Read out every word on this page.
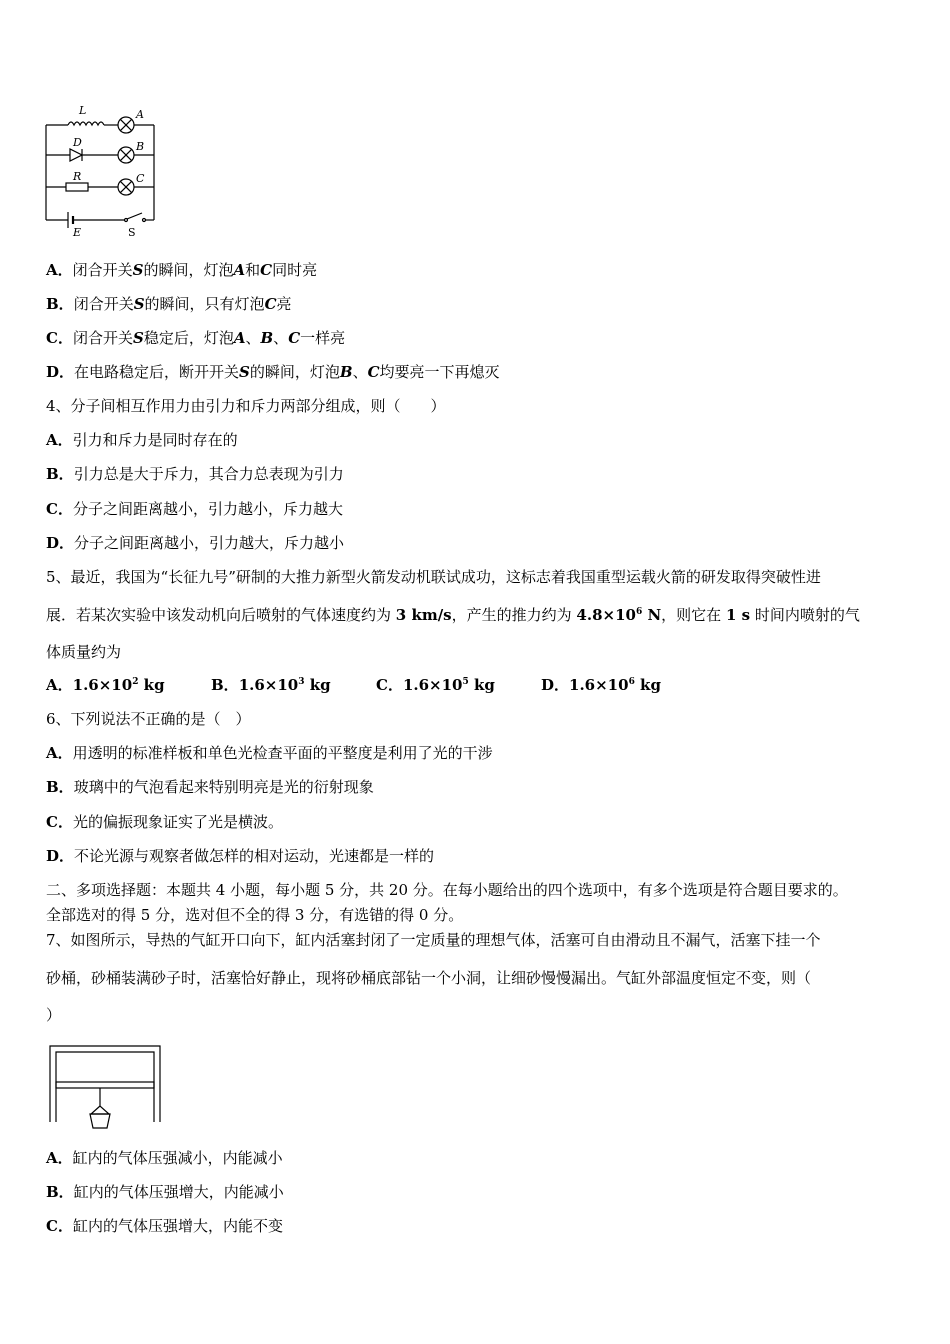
L	A
D	B
R	C
E	S
A．闭合开关S的瞬间，灯泡A和C同时亮
B．闭合开关S的瞬间，只有灯泡C亮
C．闭合开关S稳定后，灯泡A、B、C一样亮
D．在电路稳定后，断开开关S的瞬间，灯泡B、C均要亮一下再熄灭
4、分子间相互作用力由引力和斥力两部分组成，则（　　）
A．引力和斥力是同时存在的
B．引力总是大于斥力，其合力总表现为引力
C．分子之间距离越小，引力越小，斥力越大
D．分子之间距离越小，引力越大，斥力越小
5、最近，我国为“长征九号”研制的大推力新型火箭发动机联试成功，这标志着我国重型运载火箭的研发取得突破性进
展．若某次实验中该发动机向后喷射的气体速度约为 3 km/s，产生的推力约为 $4.8\times 10^6$ N，则它在 1 s 时间内喷射的气
体质量约为
A．$1.6\times 10^2$ kg	B．$1.6\times 10^3$ kg	C．$1.6\times 10^5$ kg	D．$1.6\times 10^6$ kg
6、下列说法不正确的是（　）
A．用透明的标准样板和单色光检查平面的平整度是利用了光的干涉
B．玻璃中的气泡看起来特别明亮是光的衍射现象
C．光的偏振现象证实了光是横波。
D．不论光源与观察者做怎样的相对运动，光速都是一样的
二、多项选择题：本题共 4 小题，每小题 5 分，共 20 分。在每小题给出的四个选项中，有多个选项是符合题目要求的。
全部选对的得 5 分，选对但不全的得 3 分，有选错的得 0 分。
7、如图所示，导热的气缸开口向下，缸内活塞封闭了一定质量的理想气体，活塞可自由滑动且不漏气，活塞下挂一个
砂桶，砂桶装满砂子时，活塞恰好静止，现将砂桶底部钻一个小洞，让细砂慢慢漏出。气缸外部温度恒定不变，则（
）
A．缸内的气体压强减小，内能减小
B．缸内的气体压强增大，内能减小
C．缸内的气体压强增大，内能不变
